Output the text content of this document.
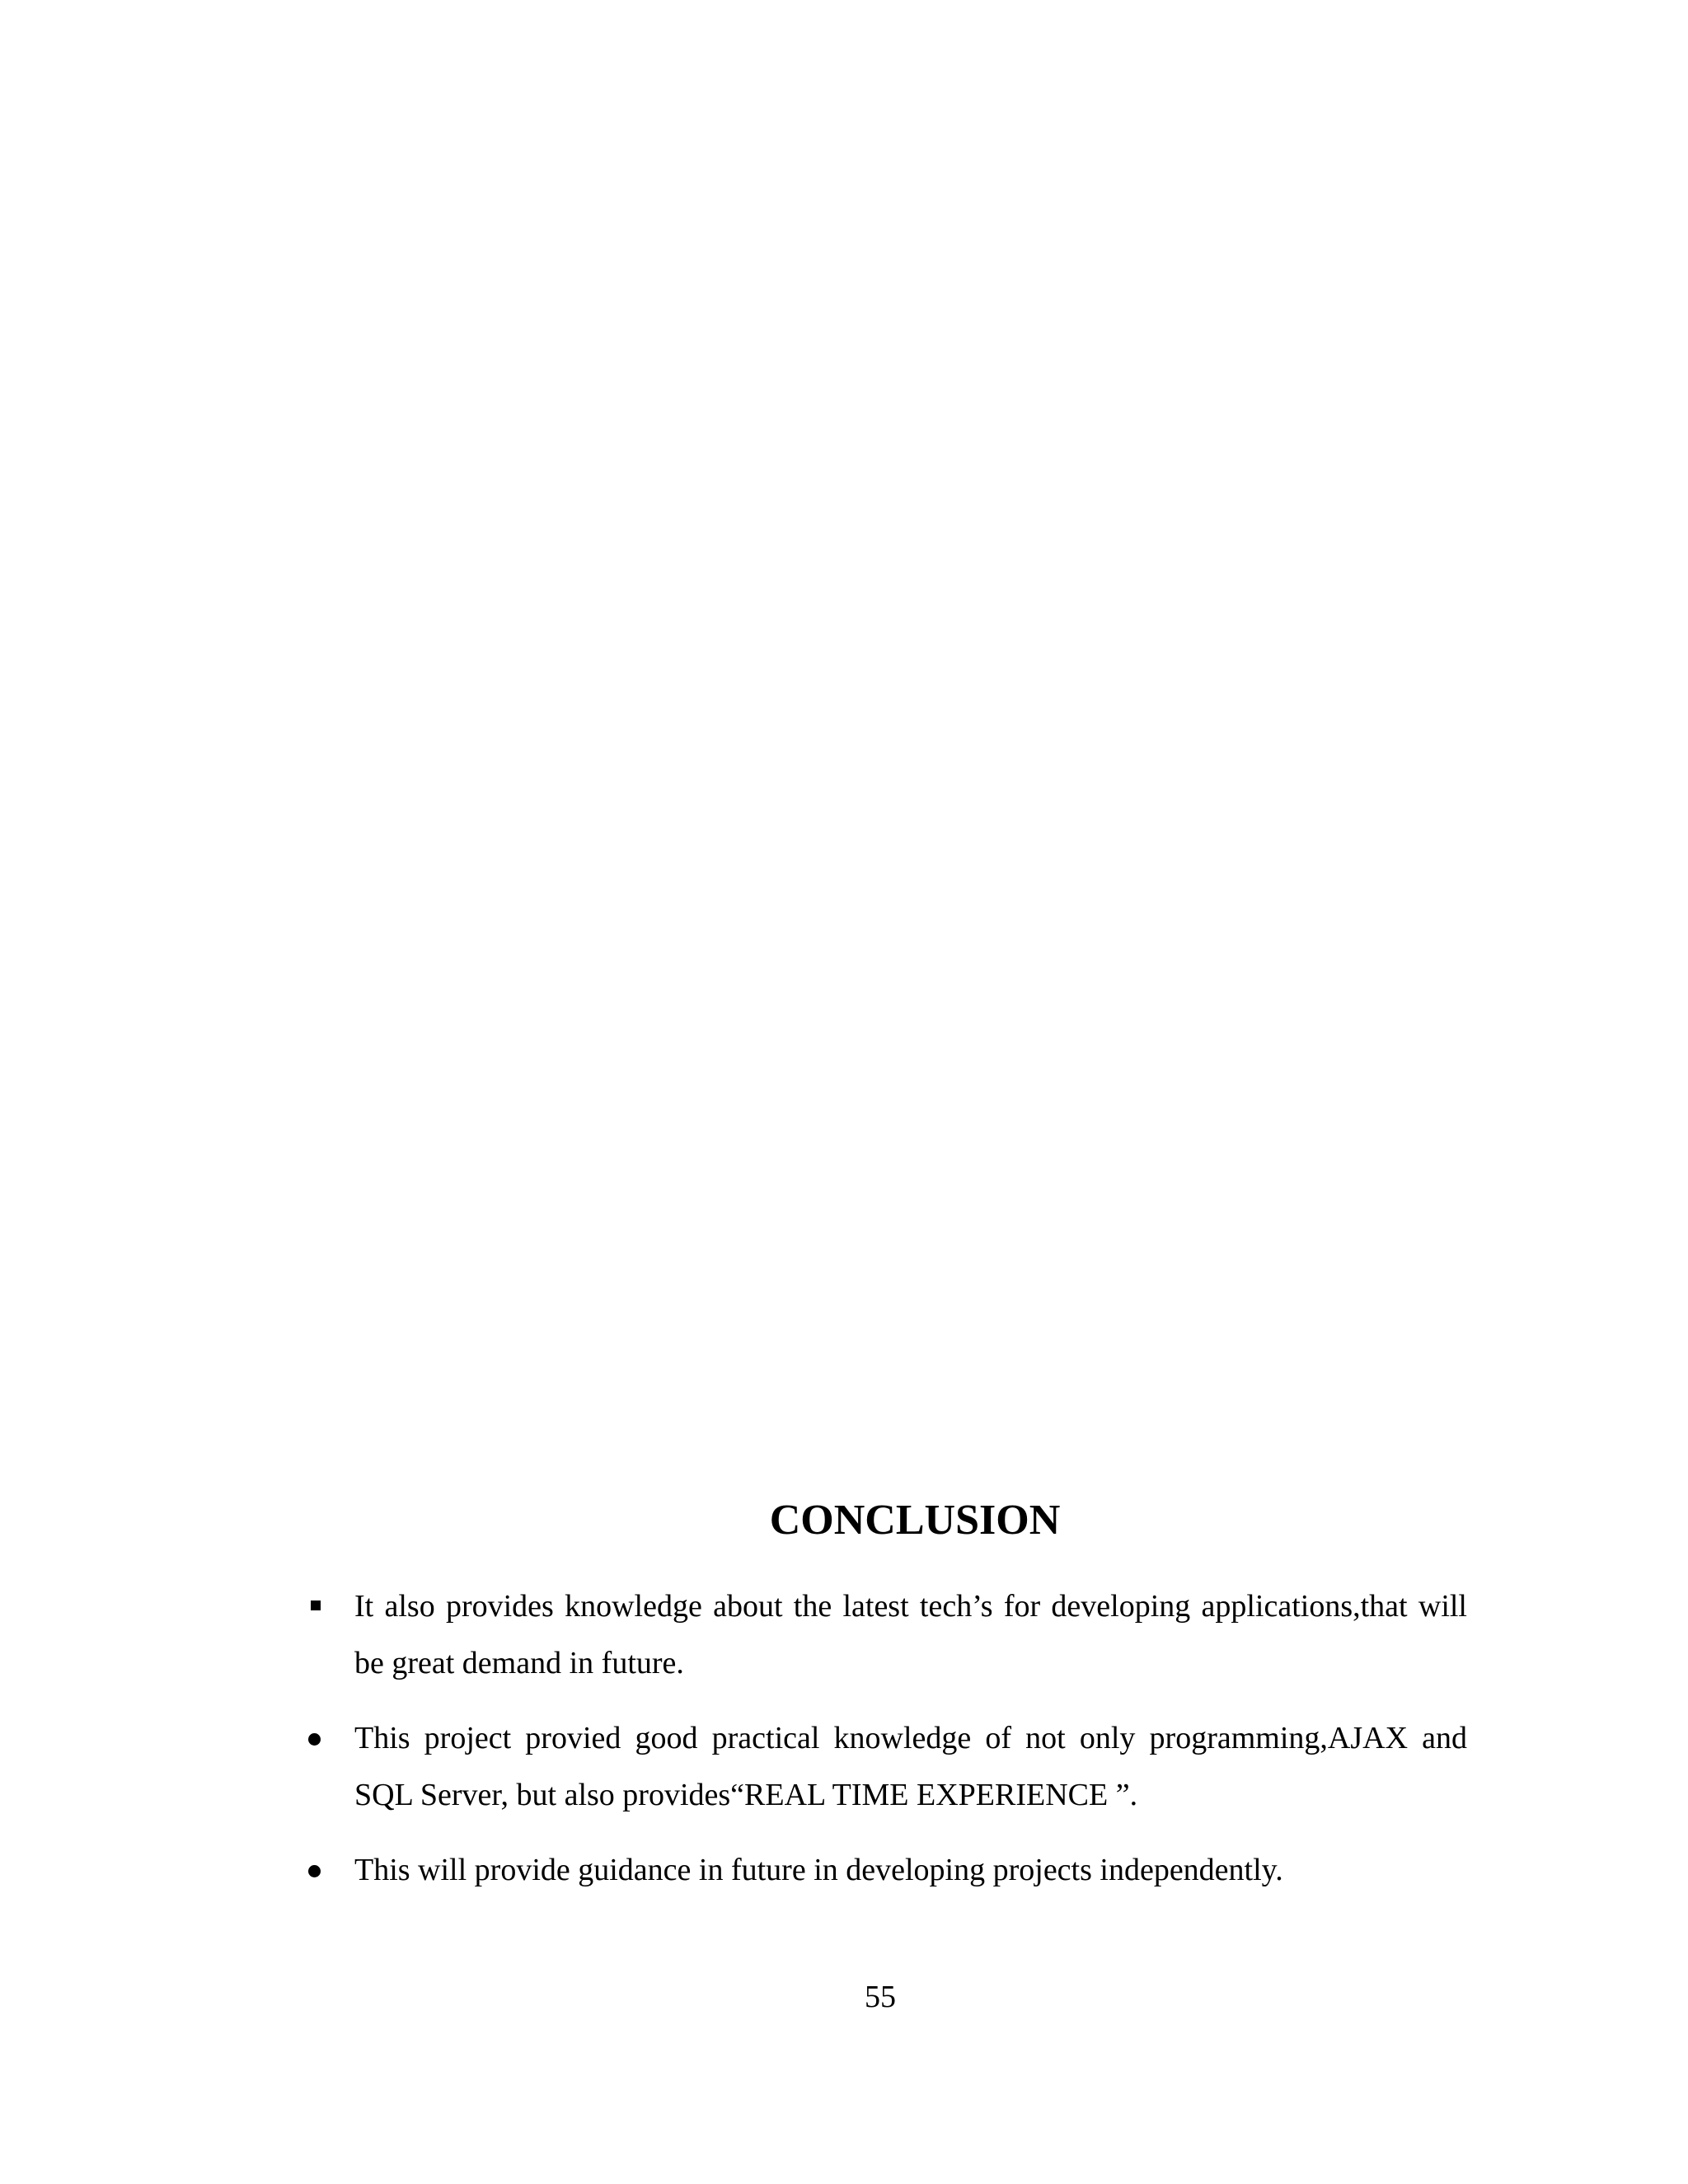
CONCLUSION
It also provides knowledge about the latest tech’s for developing applications,that will be great demand in future.
This project provied good practical knowledge of not only programming,AJAX and SQL Server, but also provides“REAL TIME EXPERIENCE ”.
This will provide guidance in future in developing projects independently.
55
